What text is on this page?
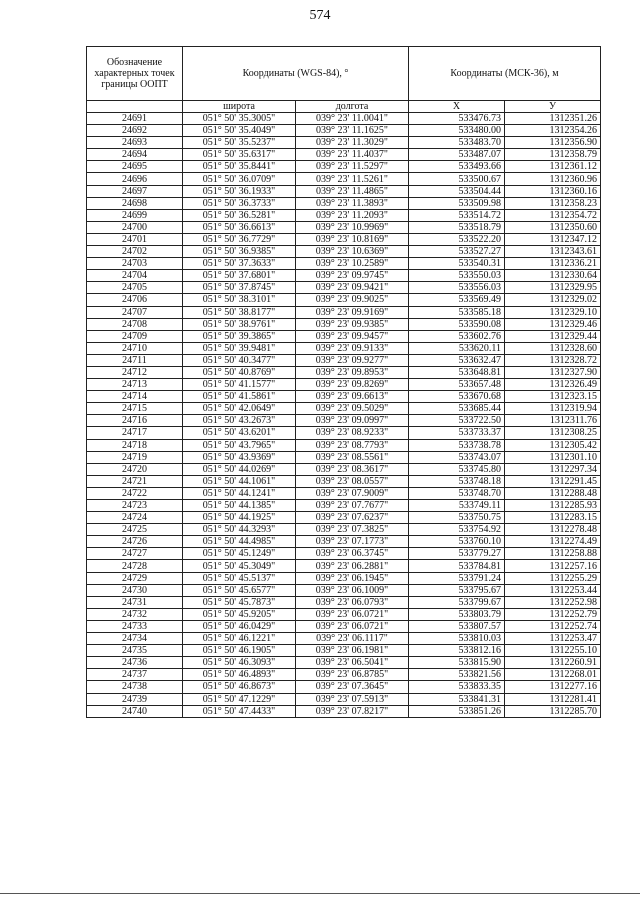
574
Обозначение характерных точек границы ООПТ	Координаты (WGS-84), °		Координаты (МСК-36), м	
	широта	долгота	X	У
24691	051° 50' 35.3005"	039° 23' 11.0041"	533476.73	1312351.26
24692	051° 50' 35.4049"	039° 23' 11.1625"	533480.00	1312354.26
24693	051° 50' 35.5237"	039° 23' 11.3029"	533483.70	1312356.90
24694	051° 50' 35.6317"	039° 23' 11.4037"	533487.07	1312358.79
24695	051° 50' 35.8441"	039° 23' 11.5297"	533493.66	1312361.12
24696	051° 50' 36.0709"	039° 23' 11.5261"	533500.67	1312360.96
24697	051° 50' 36.1933"	039° 23' 11.4865"	533504.44	1312360.16
24698	051° 50' 36.3733"	039° 23' 11.3893"	533509.98	1312358.23
24699	051° 50' 36.5281"	039° 23' 11.2093"	533514.72	1312354.72
24700	051° 50' 36.6613"	039° 23' 10.9969"	533518.79	1312350.60
24701	051° 50' 36.7729"	039° 23' 10.8169"	533522.20	1312347.12
24702	051° 50' 36.9385"	039° 23' 10.6369"	533527.27	1312343.61
24703	051° 50' 37.3633"	039° 23' 10.2589"	533540.31	1312336.21
24704	051° 50' 37.6801"	039° 23' 09.9745"	533550.03	1312330.64
24705	051° 50' 37.8745"	039° 23' 09.9421"	533556.03	1312329.95
24706	051° 50' 38.3101"	039° 23' 09.9025"	533569.49	1312329.02
24707	051° 50' 38.8177"	039° 23' 09.9169"	533585.18	1312329.10
24708	051° 50' 38.9761"	039° 23' 09.9385"	533590.08	1312329.46
24709	051° 50' 39.3865"	039° 23' 09.9457"	533602.76	1312329.44
24710	051° 50' 39.9481"	039° 23' 09.9133"	533620.11	1312328.60
24711	051° 50' 40.3477"	039° 23' 09.9277"	533632.47	1312328.72
24712	051° 50' 40.8769"	039° 23' 09.8953"	533648.81	1312327.90
24713	051° 50' 41.1577"	039° 23' 09.8269"	533657.48	1312326.49
24714	051° 50' 41.5861"	039° 23' 09.6613"	533670.68	1312323.15
24715	051° 50' 42.0649"	039° 23' 09.5029"	533685.44	1312319.94
24716	051° 50' 43.2673"	039° 23' 09.0997"	533722.50	1312311.76
24717	051° 50' 43.6201"	039° 23' 08.9233"	533733.37	1312308.25
24718	051° 50' 43.7965"	039° 23' 08.7793"	533738.78	1312305.42
24719	051° 50' 43.9369"	039° 23' 08.5561"	533743.07	1312301.10
24720	051° 50' 44.0269"	039° 23' 08.3617"	533745.80	1312297.34
24721	051° 50' 44.1061"	039° 23' 08.0557"	533748.18	1312291.45
24722	051° 50' 44.1241"	039° 23' 07.9009"	533748.70	1312288.48
24723	051° 50' 44.1385"	039° 23' 07.7677"	533749.11	1312285.93
24724	051° 50' 44.1925"	039° 23' 07.6237"	533750.75	1312283.15
24725	051° 50' 44.3293"	039° 23' 07.3825"	533754.92	1312278.48
24726	051° 50' 44.4985"	039° 23' 07.1773"	533760.10	1312274.49
24727	051° 50' 45.1249"	039° 23' 06.3745"	533779.27	1312258.88
24728	051° 50' 45.3049"	039° 23' 06.2881"	533784.81	1312257.16
24729	051° 50' 45.5137"	039° 23' 06.1945"	533791.24	1312255.29
24730	051° 50' 45.6577"	039° 23' 06.1009"	533795.67	1312253.44
24731	051° 50' 45.7873"	039° 23' 06.0793"	533799.67	1312252.98
24732	051° 50' 45.9205"	039° 23' 06.0721"	533803.79	1312252.79
24733	051° 50' 46.0429"	039° 23' 06.0721"	533807.57	1312252.74
24734	051° 50' 46.1221"	039° 23' 06.1117"	533810.03	1312253.47
24735	051° 50' 46.1905"	039° 23' 06.1981"	533812.16	1312255.10
24736	051° 50' 46.3093"	039° 23' 06.5041"	533815.90	1312260.91
24737	051° 50' 46.4893"	039° 23' 06.8785"	533821.56	1312268.01
24738	051° 50' 46.8673"	039° 23' 07.3645"	533833.35	1312277.16
24739	051° 50' 47.1229"	039° 23' 07.5913"	533841.31	1312281.41
24740	051° 50' 47.4433"	039° 23' 07.8217"	533851.26	1312285.70
